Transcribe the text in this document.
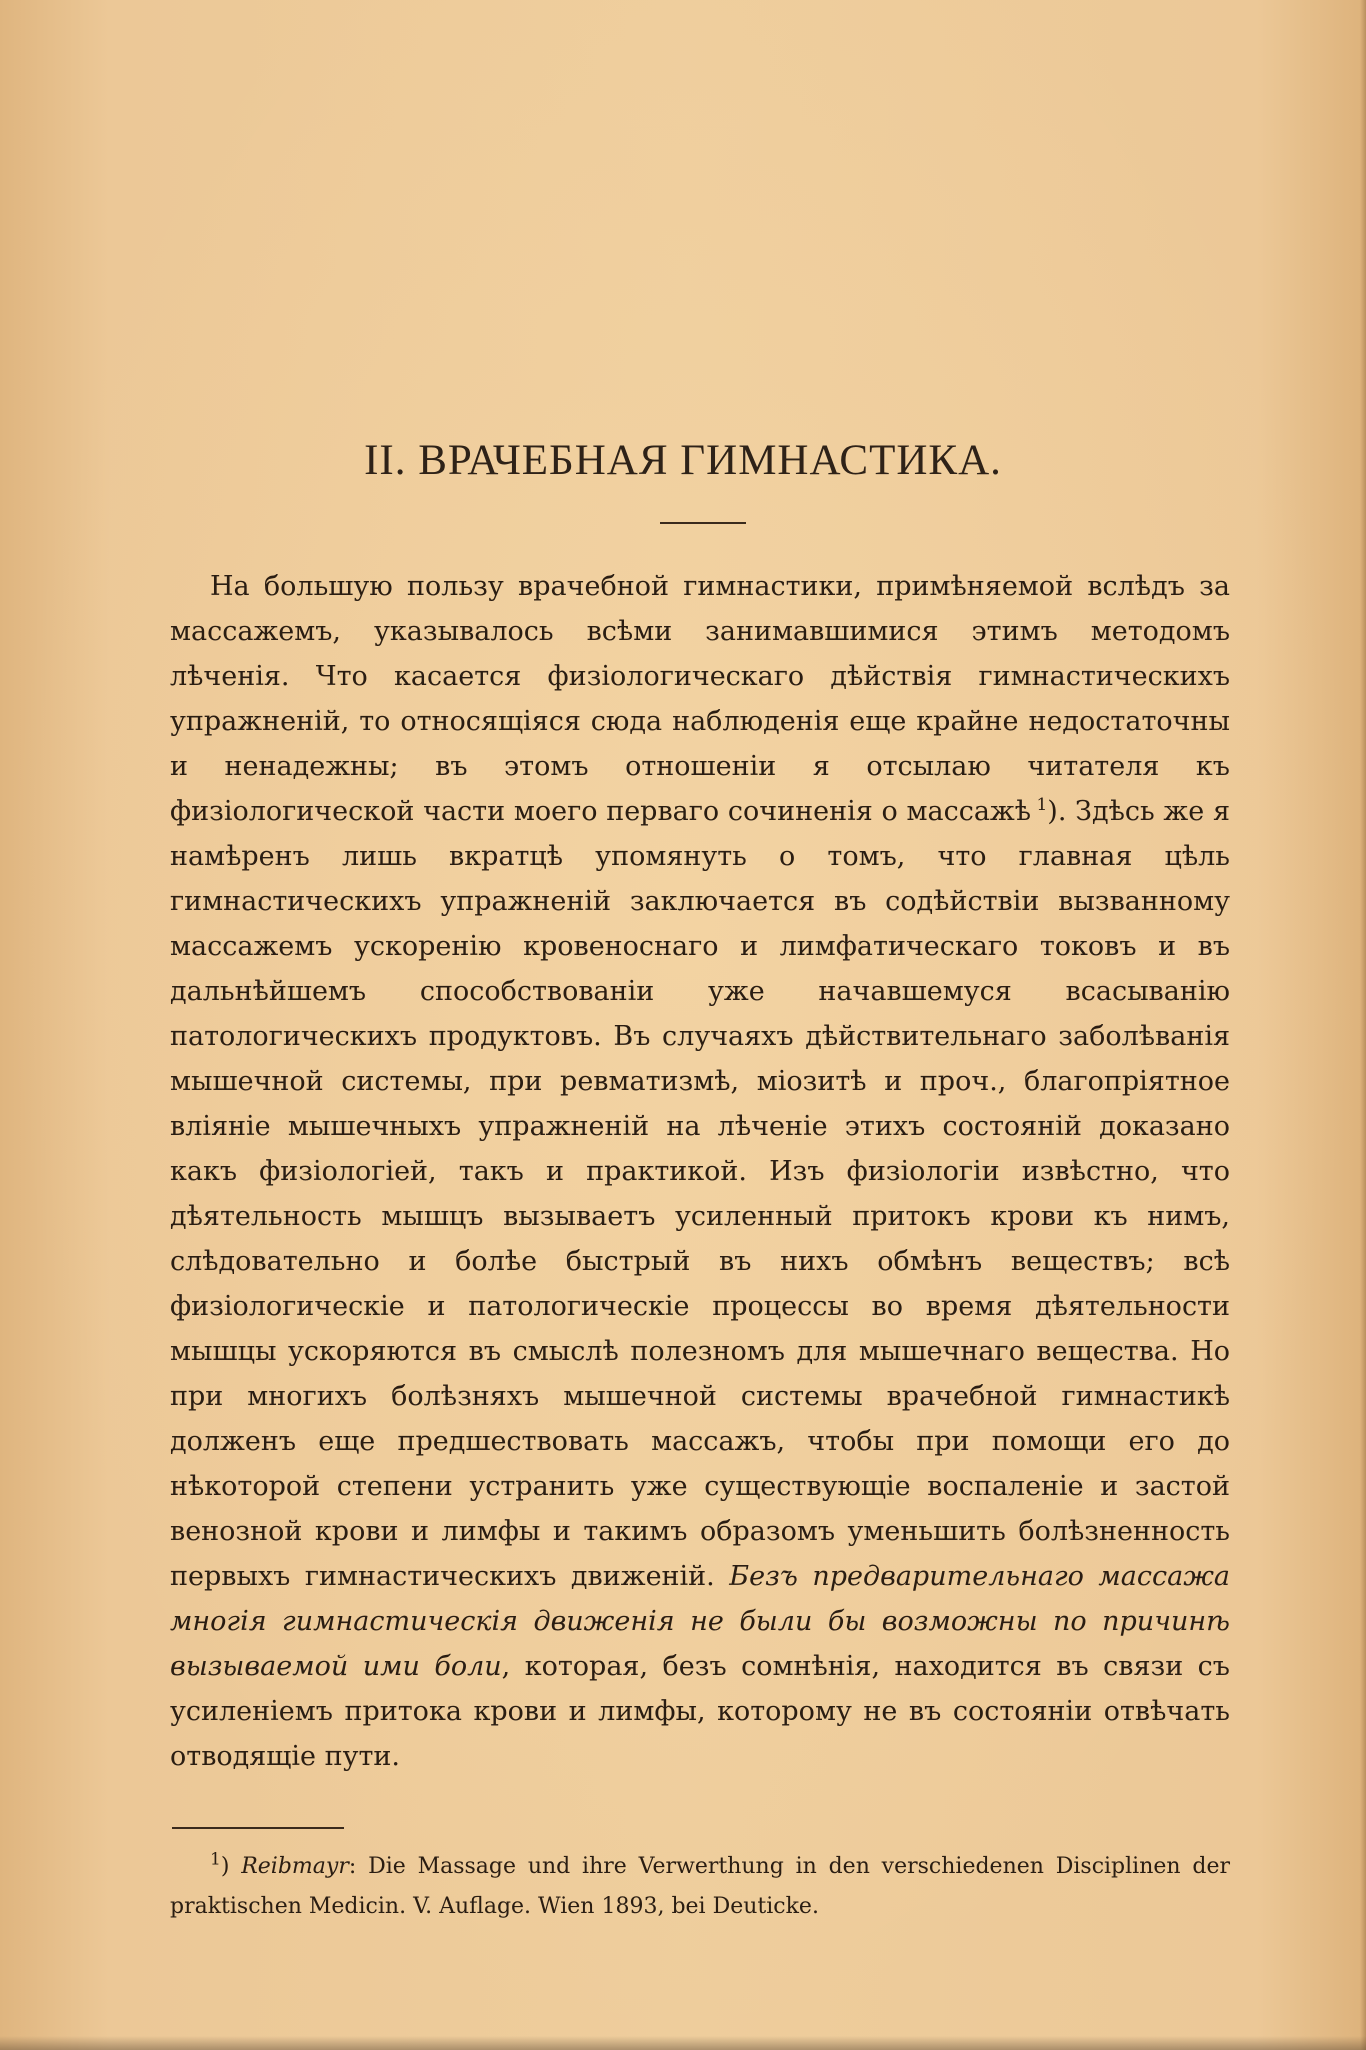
II. ВРАЧЕБНАЯ ГИМНАСТИКА.

На большую пользу врачебной гимнастики, примѣняемой вслѣдъ за массажемъ, указывалось всѣми занимавшимися этимъ методомъ лѣченія. Что касается физіологическаго дѣйствія гимнастическихъ упражненій, то относящіяся сюда наблюденія еще крайне недостаточны и ненадежны; въ этомъ отношеніи я отсылаю читателя къ физіологической части моего перваго сочиненія о массажѣ  $^1$). Здѣсь же я намѣренъ лишь вкратцѣ упомянуть о томъ, что главная цѣль гимнастическихъ упражненій заключается въ содѣйствіи вызванному массажемъ ускоренію кровеноснаго и лимфатическаго токовъ и въ дальнѣйшемъ способствованіи уже начавшемуся всасыванію патологическихъ продуктовъ. Въ случаяхъ дѣйствительнаго заболѣванія мышечной системы, при ревматизмѣ, міозитѣ и проч., благопріятное вліяніе мышечныхъ упражненій на лѣченіе этихъ состояній доказано какъ физіологіей, такъ и практикой. Изъ физіологіи извѣстно, что дѣятельность мышцъ вызываетъ усиленный притокъ крови къ нимъ, слѣдовательно и болѣе быстрый въ нихъ обмѣнъ веществъ; всѣ физіологическіе и патологическіе процессы во время дѣятельности мышцы ускоряются въ смыслѣ полезномъ для мышечнаго вещества. Но при многихъ болѣзняхъ мышечной системы врачебной гимнастикѣ долженъ еще предшествовать массажъ, чтобы при помощи его до нѣкоторой степени устранить уже существующіе воспаленіе и застой венозной крови и лимфы и такимъ образомъ уменьшить болѣзненность первыхъ гимнастическихъ движеній. Безъ предварительнаго массажа многія гимнастическія движенія не были бы возможны по причинѣ вызываемой ими боли, которая, безъ сомнѣнія, находится въ связи съ усиленіемъ притока крови и лимфы, которому не въ состояніи отвѣчать отводящіе пути.

$^1$) Reibmayr: Die Massage und ihre Verwerthung in den verschiedenen Disciplinen der praktischen Medicin. V. Auflage. Wien 1893, bei Deuticke.
